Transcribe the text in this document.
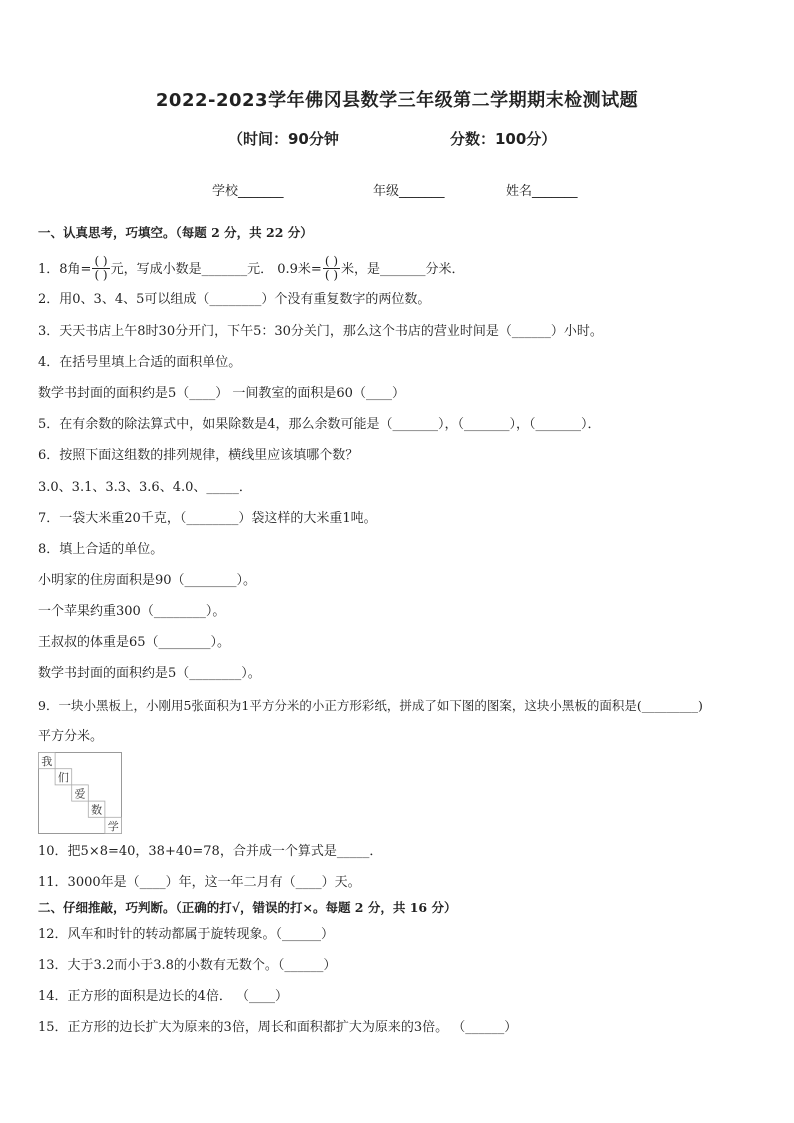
2022-2023学年佛冈县数学三年级第二学期期末检测试题
（时间：90分钟	分数：100分）
学校_______	年级_______	姓名_______
一、认真思考，巧填空。（每题 2 分，共 22 分）
1．8角= $\frac{( )}{( )}$ 元，写成小数是_______元． 0.9米= $\frac{( )}{( )}$ 米，是_______分米．
2．用0、3、4、5可以组成（________）个没有重复数字的两位数。
3．天天书店上午8时30分开门，下午5：30分关门，那么这个书店的营业时间是（______）小时。
4．在括号里填上合适的面积单位。
数学书封面的面积约是5（____） 一间教室的面积是60（____）
5．在有余数的除法算式中，如果除数是4，那么余数可能是（_______），（_______），（_______）．
6．按照下面这组数的排列规律，横线里应该填哪个数？
3.0、3.1、3.3、3.6、4.0、_____．
7．一袋大米重20千克，（________）袋这样的大米重1吨。
8．填上合适的单位。
小明家的住房面积是90（________）。
一个苹果约重300（________）。
王叔叔的体重是65（________）。
数学书封面的面积约是5（________）。
9．一块小黑板上，小刚用5张面积为1平方分米的小正方形彩纸，拼成了如下图的图案，这块小黑板的面积是(_________)
平方分米。
我
们
爱
数
学
10．把5×8=40，38+40=78，合并成一个算式是_____．
11．3000年是（____）年，这一年二月有（____）天。
二、仔细推敲，巧判断。（正确的打√，错误的打×。每题 2 分，共 16 分）
12．风车和时针的转动都属于旋转现象。（______）
13．大于3.2而小于3.8的小数有无数个。（______）
14．正方形的面积是边长的4倍． （____）
15．正方形的边长扩大为原来的3倍，周长和面积都扩大为原来的3倍。 （______）
